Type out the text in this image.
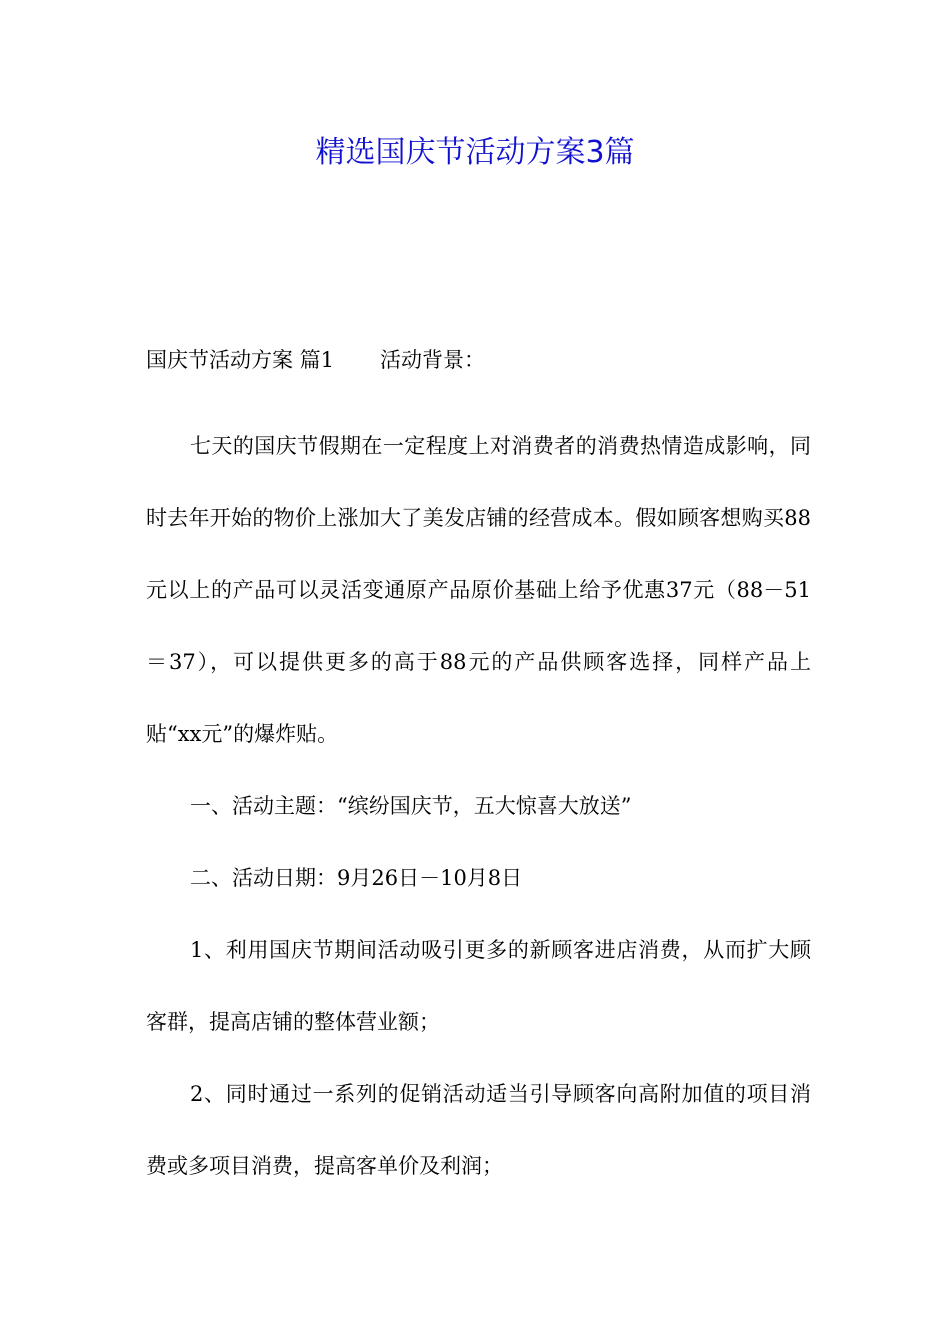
精选国庆节活动方案3篇
国庆节活动方案 篇1 活动背景：

七天的国庆节假期在一定程度上对消费者的消费热情造成影响，同时去年开始的物价上涨加大了美发店铺的经营成本。假如顾客想购买88元以上的产品可以灵活变通原产品原价基础上给予优惠37元（88－51＝37），可以提供更多的高于88元的产品供顾客选择，同样产品上贴“xx元”的爆炸贴。

一、活动主题：“缤纷国庆节，五大惊喜大放送”

二、活动日期：9月26日－10月8日

1、利用国庆节期间活动吸引更多的新顾客进店消费，从而扩大顾客群，提高店铺的整体营业额；

2、同时通过一系列的促销活动适当引导顾客向高附加值的项目消费或多项目消费，提高客单价及利润；
